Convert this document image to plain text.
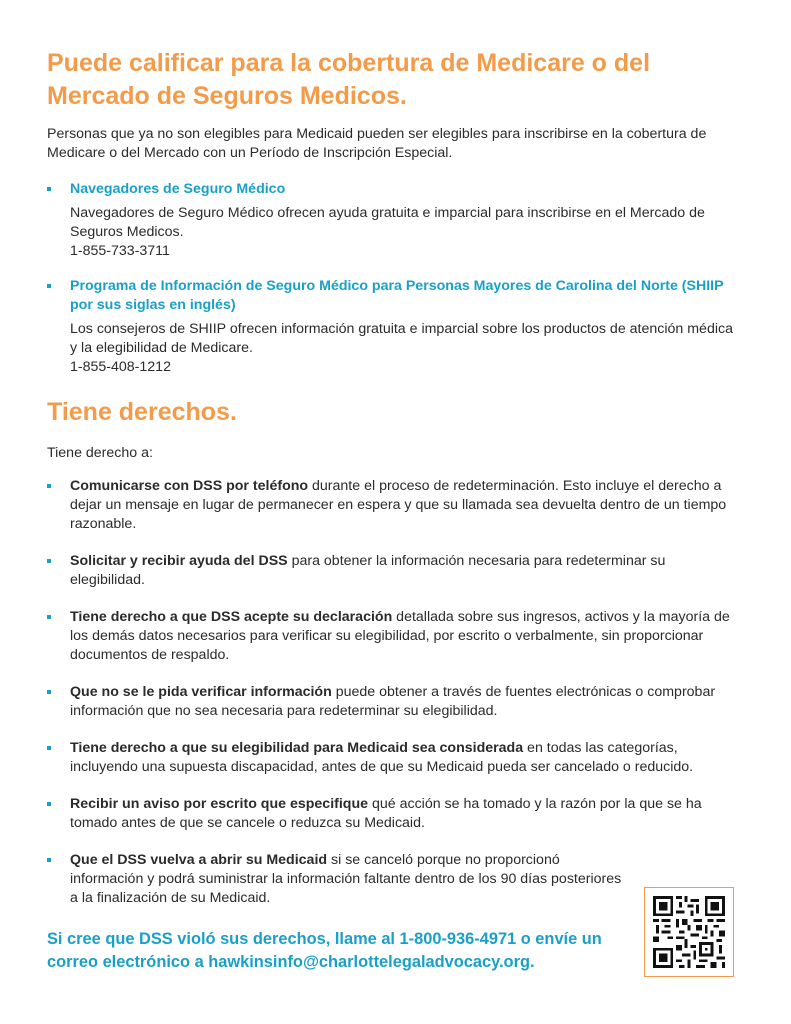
Puede calificar para la cobertura de Medicare o del Mercado de Seguros Medicos.

Personas que ya no son elegibles para Medicaid pueden ser elegibles para inscribirse en la cobertura de Medicare o del Mercado con un Período de Inscripción Especial.

Navegadores de Seguro Médico

Navegadores de Seguro Médico ofrecen ayuda gratuita e imparcial para inscribirse en el Mercado de Seguros Medicos.

1-855-733-3711

Programa de Información de Seguro Médico para Personas Mayores de Carolina del Norte (SHIIP por sus siglas en inglés)

Los consejeros de SHIIP ofrecen información gratuita e imparcial sobre los productos de atención médica y la elegibilidad de Medicare.

1-855-408-1212

Tiene derechos.

Tiene derecho a:

Comunicarse con DSS por teléfono durante el proceso de redeterminación. Esto incluye el derecho a dejar un mensaje en lugar de permanecer en espera y que su llamada sea devuelta dentro de un tiempo razonable.

Solicitar y recibir ayuda del DSS para obtener la información necesaria para redeterminar su elegibilidad.

Tiene derecho a que DSS acepte su declaración detallada sobre sus ingresos, activos y la mayoría de los demás datos necesarios para verificar su elegibilidad, por escrito o verbalmente, sin proporcionar documentos de respaldo.

Que no se le pida verificar información puede obtener a través de fuentes electrónicas o comprobar información que no sea necesaria para redeterminar su elegibilidad.

Tiene derecho a que su elegibilidad para Medicaid sea considerada en todas las categorías, incluyendo una supuesta discapacidad, antes de que su Medicaid pueda ser cancelado o reducido.

Recibir un aviso por escrito que especifique qué acción se ha tomado y la razón por la que se ha tomado antes de que se cancele o reduzca su Medicaid.

Que el DSS vuelva a abrir su Medicaid si se canceló porque no proporcionó información y podrá suministrar la información faltante dentro de los 90 días posteriores a la finalización de su Medicaid.

Si cree que DSS violó sus derechos, llame al 1-800-936-4971 o envíe un correo electrónico a hawkinsinfo@charlottelegaladvocacy.org.
